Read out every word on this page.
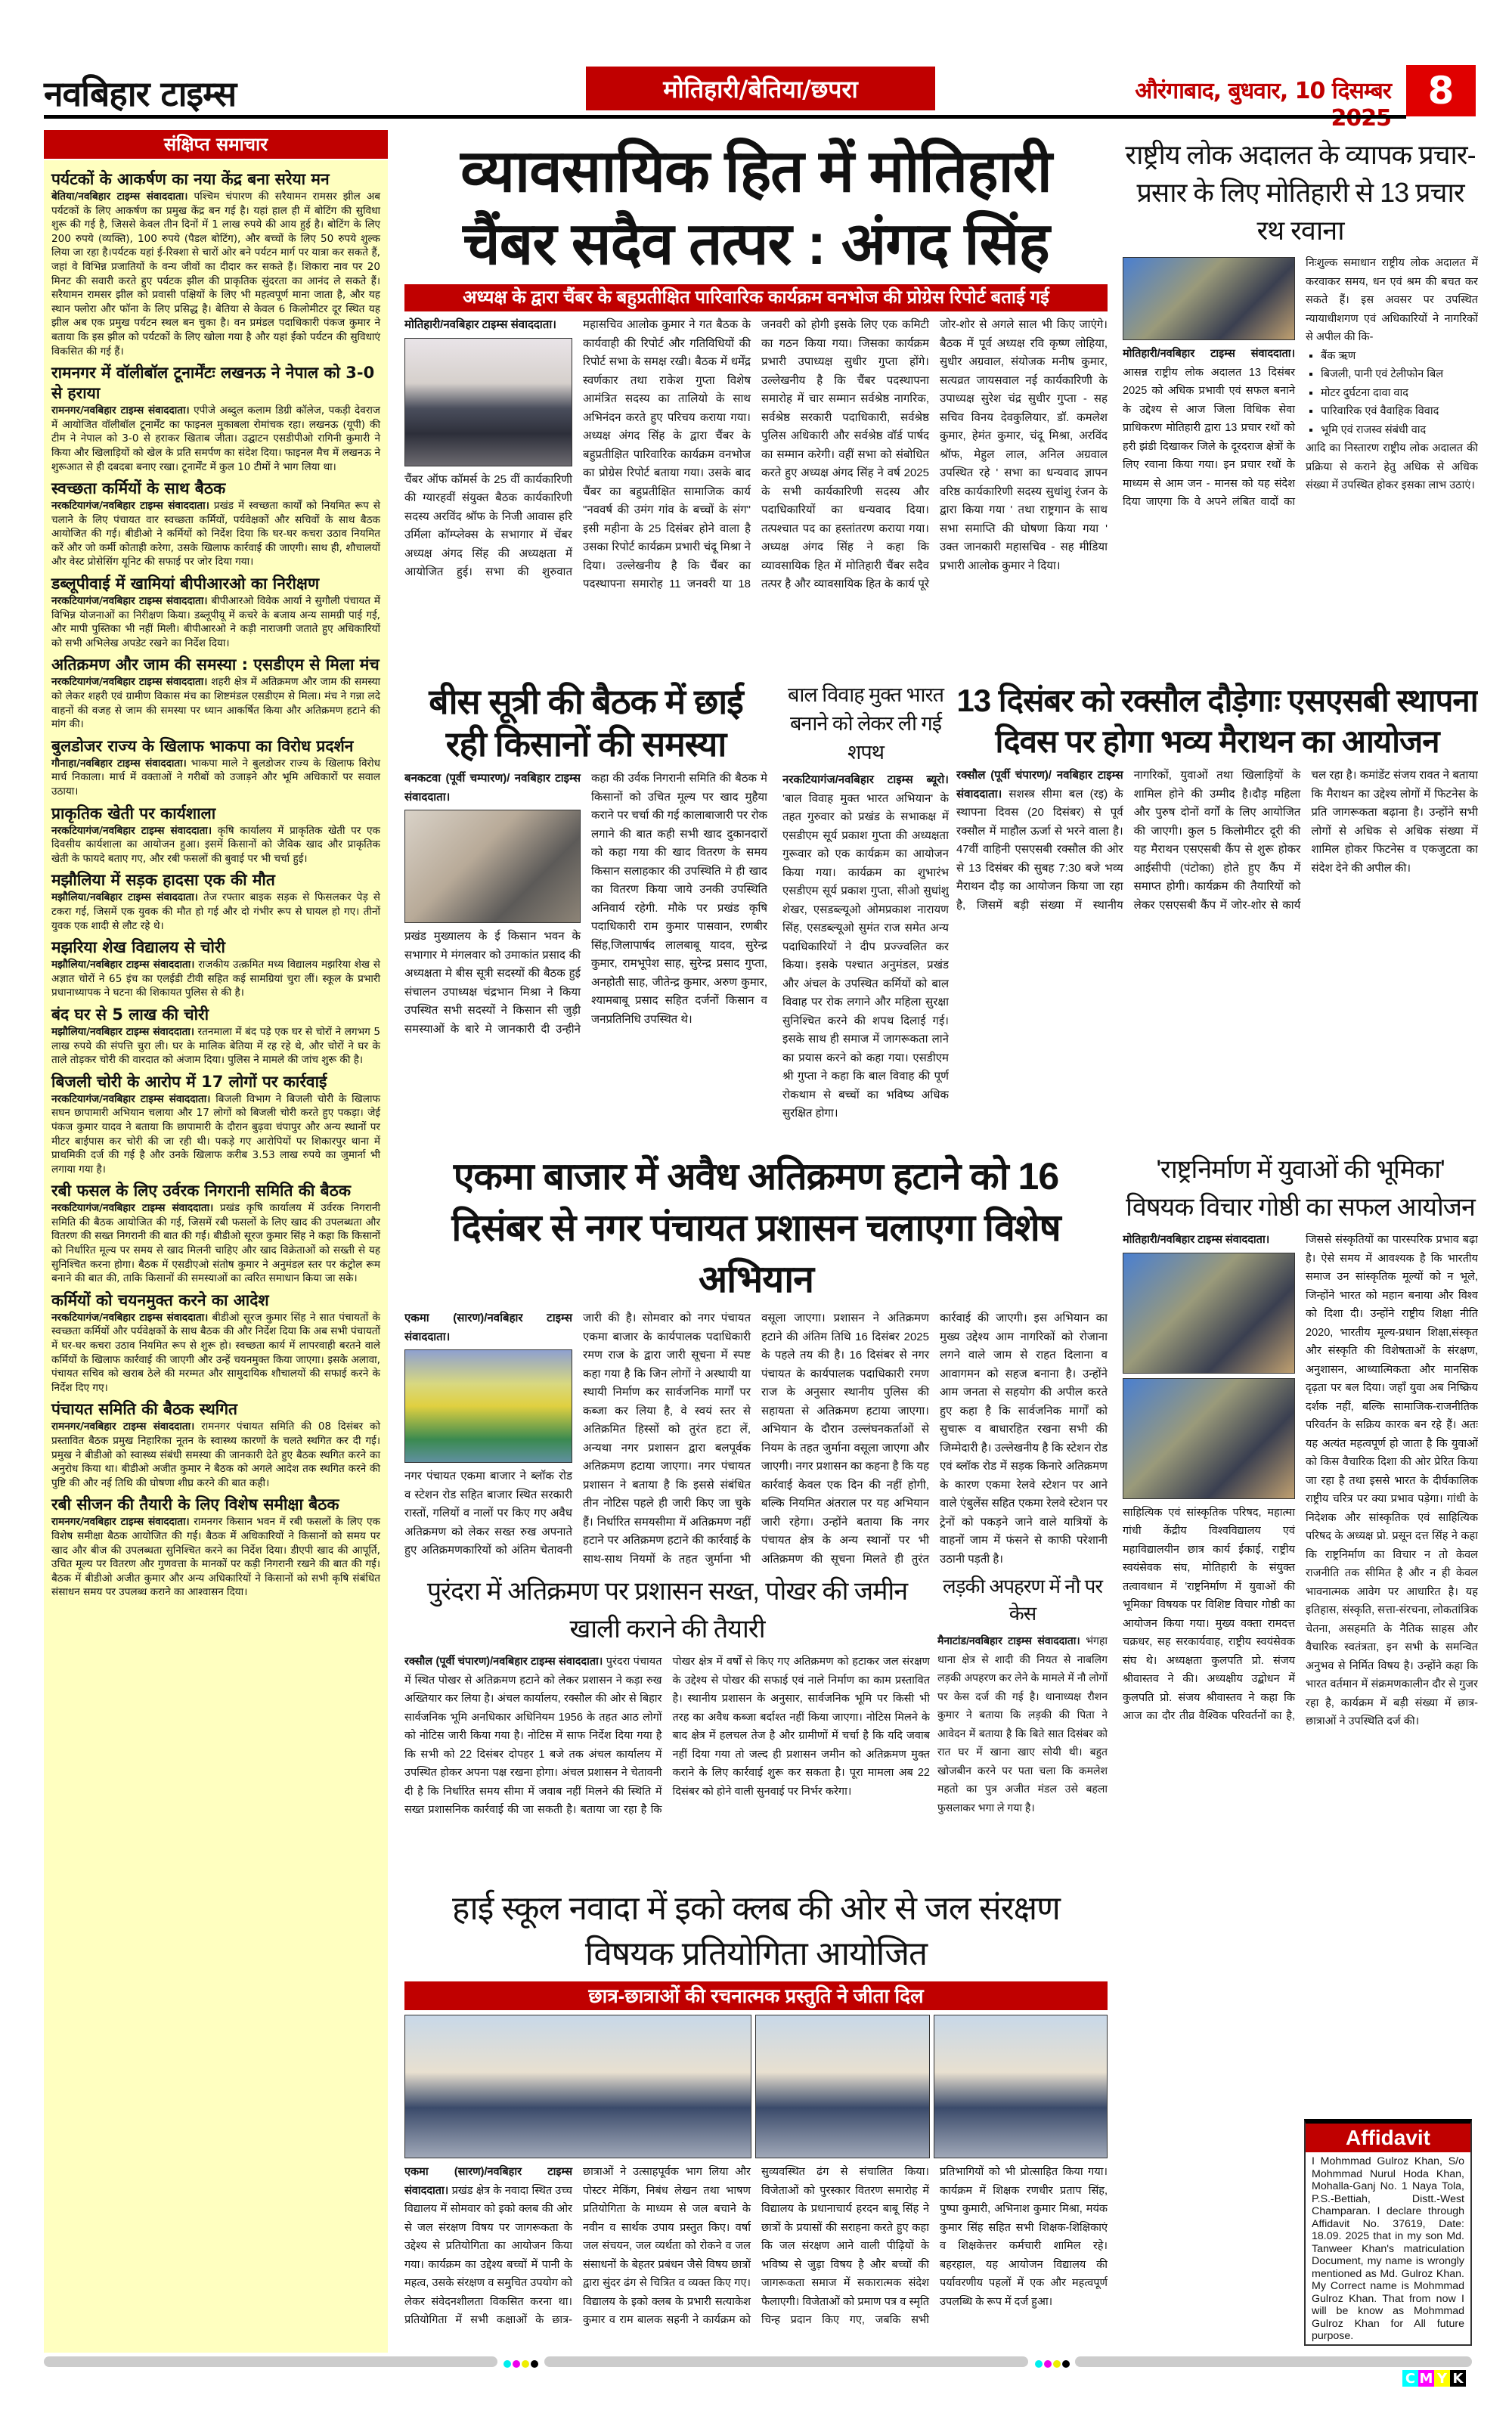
नवबिहार टाइम्स	मोतिहारी/बेतिया/छपरा	औरंगाबाद, बुधवार, 10 दिसम्बर 8
संक्षिप्त समाचार
पर्यटकों के आकर्षण का नया केंद्र बना सरेया मन

बेतिया/नवबिहार टाइम्स संवाददाता। पश्चिम चंपारण की सरैयामन रामसर झील अब पर्यटकों के लिए आकर्षण का प्रमुख केंद्र बन गई है। यहां हाल ही में बोटिंग की सुविधा शुरू की गई है, जिससे केवल तीन दिनों में 1 लाख रुपये की आय हुई है। बोटिंग के लिए 200 रुपये (व्यक्ति), 100 रुपये (पैडल बोटिंग), और बच्चों के लिए 50 रुपये शुल्क लिया जा रहा है।पर्यटक यहां ई-रिक्शा से चारों ओर बने पर्यटन मार्ग पर यात्रा कर सकते हैं, जहां वे विभिन्न प्रजातियों के वन्य जीवों का दीदार कर सकते हैं। शिकारा नाव पर 20 मिनट की सवारी करते हुए पर्यटक झील की प्राकृतिक सुंदरता का आनंद ले सकते हैं।सरैयामन रामसर झील को प्रवासी पक्षियों के लिए भी महत्वपूर्ण माना जाता है, और यह स्थान फ्लोरा और फॉना के लिए प्रसिद्ध है। बेतिया से केवल 6 किलोमीटर दूर स्थित यह झील अब एक प्रमुख पर्यटन स्थल बन चुका है। वन प्रमंडल पदाधिकारी पंकज कुमार ने बताया कि इस झील को पर्यटकों के लिए खोला गया है और यहां ईको पर्यटन की सुविधाएं विकसित की गई हैं।

रामनगर में वॉलीबॉल टूनार्मेंटः लखनऊ ने नेपाल को 3-0 से हराया

रामनगर/नवबिहार टाइम्स संवाददाता। एपीजे अब्दुल कलाम डिग्री कॉलेज, पकड़ी देवराज में आयोजित वॉलीबॉल टूनार्मेंट का फाइनल मुकाबला रोमांचक रहा। लखनऊ (यूपी) की टीम ने नेपाल को 3-0 से हराकर खिताब जीता। उद्घाटन एसडीपीओ रागिनी कुमारी ने किया और खिलाड़ियों को खेल के प्रति समर्पण का संदेश दिया। फाइनल मैच में लखनऊ ने शुरूआत से ही दबदबा बनाए रखा। टूनार्मेंट में कुल 10 टीमों ने भाग लिया था।

स्वच्छता कर्मियों के साथ बैठक

नरकटियागंज/नवबिहार टाइम्स संवाददाता। प्रखंड में स्वच्छता कार्यों को नियमित रूप से चलाने के लिए पंचायत वार स्वच्छता कर्मियों, पर्यवेक्षकों और सचिवों के साथ बैठक आयोजित की गई। बीडीओ ने कर्मियों को निर्देश दिया कि घर-घर कचरा उठाव नियमित करें और जो कर्मी कोताही करेगा, उसके खिलाफ कार्रवाई की जाएगी। साथ ही, शौचालयों और वेस्ट प्रोसेसिंग यूनिट की सफाई पर जोर दिया गया।

डब्लूपीवाई में खामियां बीपीआरओ का निरीक्षण

नरकटियागंज/नवबिहार टाइम्स संवाददाता। बीपीआरओ विवेक आर्या ने सुगौली पंचायत में विभिन्न योजनाओं का निरीक्षण किया। डब्लूपीयू में कचरे के बजाय अन्य सामग्री पाई गई, और मापी पुस्तिका भी नहीं मिली। बीपीआरओ ने कड़ी नाराजगी जताते हुए अधिकारियों को सभी अभिलेख अपडेट रखने का निर्देश दिया।

अतिक्रमण और जाम की समस्या : एसडीएम से मिला मंच

नरकटियागंज/नवबिहार टाइम्स संवाददाता। शहरी क्षेत्र में अतिक्रमण और जाम की समस्या को लेकर शहरी एवं ग्रामीण विकास मंच का शिष्टमंडल एसडीएम से मिला। मंच ने गन्ना लदे वाहनों की वजह से जाम की समस्या पर ध्यान आकर्षित किया और अतिक्रमण हटाने की मांग की।

बुलडोजर राज्य के खिलाफ भाकपा का विरोध प्रदर्शन

गौनाहा/नवबिहार टाइम्स संवाददाता। भाकपा माले ने बुलडोजर राज्य के खिलाफ विरोध मार्च निकाला। मार्च में वक्ताओं ने गरीबों को उजाड़ने और भूमि अधिकारों पर सवाल उठाया।

प्राकृतिक खेती पर कार्यशाला

नरकटियागंज/नवबिहार टाइम्स संवाददाता। कृषि कार्यालय में प्राकृतिक खेती पर एक दिवसीय कार्यशाला का आयोजन हुआ। इसमें किसानों को जैविक खाद और प्राकृतिक खेती के फायदे बताए गए, और रबी फसलों की बुवाई पर भी चर्चा हुई।

मझौलिया में सड़क हादसा एक की मौत

मझौलिया/नवबिहार टाइम्स संवाददाता। तेज रफ्तार बाइक सड़क से फिसलकर पेड़ से टकरा गई, जिसमें एक युवक की मौत हो गई और दो गंभीर रूप से घायल हो गए। तीनों युवक एक शादी से लौट रहे थे।

मझरिया शेख विद्यालय से चोरी

मझौलिया/नवबिहार टाइम्स संवाददाता। राजकीय उत्क्रमित मध्य विद्यालय मझरिया शेख से अज्ञात चोरों ने 65 इंच का एलईडी टीवी सहित कई सामग्रियां चुरा लीं। स्कूल के प्रभारी प्रधानाध्यापक ने घटना की शिकायत पुलिस से की है।

बंद घर से 5 लाख की चोरी

मझौलिया/नवबिहार टाइम्स संवाददाता। रतनमाला में बंद पड़े एक घर से चोरों ने लगभग 5 लाख रुपये की संपत्ति चुरा ली। घर के मालिक बेतिया में रह रहे थे, और चोरों ने घर के ताले तोड़कर चोरी की वारदात को अंजाम दिया। पुलिस ने मामले की जांच शुरू की है।

बिजली चोरी के आरोप में 17 लोगों पर कार्रवाई

नरकटियागंज/नवबिहार टाइम्स संवाददाता। बिजली विभाग ने बिजली चोरी के खिलाफ सघन छापामारी अभियान चलाया और 17 लोगों को बिजली चोरी करते हुए पकड़ा। जेई पंकज कुमार यादव ने बताया कि छापामारी के दौरान बुढ़वा चंपापुर और अन्य स्थानों पर मीटर बाईपास कर चोरी की जा रही थी। पकड़े गए आरोपियों पर शिकारपुर थाना में प्राथमिकी दर्ज की गई है और उनके खिलाफ करीब 3.53 लाख रुपये का जुमार्ना भी लगाया गया है।

रबी फसल के लिए उर्वरक निगरानी समिति की बैठक

नरकटियागंज/नवबिहार टाइम्स संवाददाता। प्रखंड कृषि कार्यालय में उर्वरक निगरानी समिति की बैठक आयोजित की गई, जिसमें रबी फसलों के लिए खाद की उपलब्धता और वितरण की सख्त निगरानी की बात की गई। बीडीओ सूरज कुमार सिंह ने कहा कि किसानों को निर्धारित मूल्य पर समय से खाद मिलनी चाहिए और खाद विक्रेताओं को सख्ती से यह सुनिश्चित करना होगा। बैठक में एसडीएओ संतोष कुमार ने अनुमंडल स्तर पर कंट्रोल रूम बनाने की बात की, ताकि किसानों की समस्याओं का त्वरित समाधान किया जा सके।

कर्मियों को चयनमुक्त करने का आदेश

नरकटियागंज/नवबिहार टाइम्स संवाददाता। बीडीओ सूरज कुमार सिंह ने सात पंचायतों के स्वच्छता कर्मियों और पर्यवेक्षकों के साथ बैठक की और निर्देश दिया कि अब सभी पंचायतों में घर-घर कचरा उठाव नियमित रूप से शुरू हो। स्वच्छता कार्य में लापरवाही बरतने वाले कर्मियों के खिलाफ कार्रवाई की जाएगी और उन्हें चयनमुक्त किया जाएगा। इसके अलावा, पंचायत सचिव को खराब ठेले की मरम्मत और सामुदायिक शौचालयों की सफाई करने के निर्देश दिए गए।

पंचायत समिति की बैठक स्थगित

रामनगर/नवबिहार टाइम्स संवाददाता। रामनगर पंचायत समिति की 08 दिसंबर को प्रस्तावित बैठक प्रमुख निहारिका नूतन के स्वास्थ्य कारणों के चलते स्थगित कर दी गई। प्रमुख ने बीडीओ को स्वास्थ्य संबंधी समस्या की जानकारी देते हुए बैठक स्थगित करने का अनुरोध किया था। बीडीओ अजीत कुमार ने बैठक को अगले आदेश तक स्थगित करने की पुष्टि की और नई तिथि की घोषणा शीघ्र करने की बात कही।

रबी सीजन की तैयारी के लिए विशेष समीक्षा बैठक

रामनगर/नवबिहार टाइम्स संवाददाता। रामनगर किसान भवन में रबी फसलों के लिए एक विशेष समीक्षा बैठक आयोजित की गई। बैठक में अधिकारियों ने किसानों को समय पर खाद और बीज की उपलब्धता सुनिश्चित करने का निर्देश दिया। डीएपी खाद की आपूर्ति, उचित मूल्य पर वितरण और गुणवत्ता के मानकों पर कड़ी निगरानी रखने की बात की गई। बैठक में बीडीओ अजीत कुमार और अन्य अधिकारियों ने किसानों को सभी कृषि संबंधित संसाधन समय पर उपलब्ध कराने का आश्वासन दिया।

व्यावसायिक हित में मोतिहारी
चैंबर सदैव तत्पर : अंगद सिंह
अध्यक्ष के द्वारा चैंबर के बहुप्रतीक्षित पारिवारिक कार्यक्रम वनभोज की प्रोग्रेस रिपोर्ट बताई गई
मोतिहारी/नवबिहार टाइम्स संवाददाता।
चैंबर ऑफ कॉमर्स के 25 वीं कार्यकारिणी की ग्यारहवीं संयुक्त बैठक कार्यकारिणी सदस्य अरविंद श्रॉफ के निजी आवास हरि उर्मिला कॉम्प्लेक्स के सभागार में चेंबर अध्यक्ष अंगद सिंह की अध्यक्षता में आयोजित हुई। सभा की शुरुवात महासचिव आलोक कुमार ने गत बैठक के कार्यवाही की रिपोर्ट और गतिविधियों की रिपोर्ट सभा के समक्ष रखी। बैठक में धर्मेंद्र स्वर्णकार तथा राकेश गुप्ता विशेष आमंत्रित सदस्य का तालियो के साथ अभिनंदन करते हुए परिचय कराया गया। अध्यक्ष अंगद सिंह के द्वारा चैंबर के बहुप्रतीक्षित पारिवारिक कार्यक्रम वनभोज का प्रोग्रेस रिपोर्ट बताया गया। उसके बाद चैंबर का बहुप्रतीक्षित सामाजिक कार्य "नववर्ष की उमंग गांव के बच्चों के संग" इसी महीना के 25 दिसंबर होने वाला है उसका रिपोर्ट कार्यक्रम प्रभारी चंदू मिश्रा ने दिया। उल्लेखनीय है कि चैंबर का पदस्थापना समारोह 11 जनवरी या 18 जनवरी को होगी इसके लिए एक कमिटी का गठन किया गया। जिसका कार्यक्रम प्रभारी उपाध्यक्ष सुधीर गुप्ता होंगे। उल्लेखनीय है कि चैंबर पदस्थापना समारोह में चार सम्मान सर्वश्रेष्ठ नागरिक, सर्वश्रेष्ठ सरकारी पदाधिकारी, सर्वश्रेष्ठ पुलिस अधिकारी और सर्वश्रेष्ठ वॉर्ड पार्षद का सम्मान करेगी। वहीं सभा को संबोधित करते हुए अध्यक्ष अंगद सिंह ने वर्ष 2025 के सभी कार्यकारिणी सदस्य और पदाधिकारियों का धन्यवाद दिया। तत्पश्चात पद का हस्तांतरण कराया गया। अध्यक्ष अंगद सिंह ने कहा कि व्यावसायिक हित में मोतिहारी चैंबर सदैव तत्पर है और व्यावसायिक हित के कार्य पूरे जोर-शोर से अगले साल भी किए जाएंगे। बैठक में पूर्व अध्यक्ष रवि कृष्ण लोहिया, सुधीर अग्रवाल, संयोजक मनीष कुमार, सत्यव्रत जायसवाल नई कार्यकारिणी के उपाध्यक्ष सुरेश चंद्र सुधीर गुप्ता - सह सचिव विनय देवकुलियार, डॉ. कमलेश कुमार, हेमंत कुमार, चंदू मिश्रा, अरविंद श्रॉफ, मेहुल लाल, अनिल अग्रवाल उपस्थित रहे ' सभा का धन्यवाद ज्ञापन वरिष्ठ कार्यकारिणी सदस्य सुधांशु रंजन के द्वारा किया गया ' तथा राष्ट्रगान के साथ सभा समाप्ति की घोषणा किया गया ' उक्त जानकारी महासचिव - सह मीडिया प्रभारी आलोक कुमार ने दिया।
राष्ट्रीय लोक अदालत के व्यापक प्रचार-प्रसार के लिए मोतिहारी से 13 प्रचार रथ रवाना
मोतिहारी/नवबिहार टाइम्स संवाददाता। आसन्न राष्ट्रीय लोक अदालत 13 दिसंबर 2025 को अधिक प्रभावी एवं सफल बनाने के उद्देश्य से आज जिला विधिक सेवा प्राधिकरण मोतिहारी द्वारा 13 प्रचार रथों को हरी झंडी दिखाकर जिले के दूरदराज क्षेत्रों के लिए रवाना किया गया। इन प्रचार रथों के माध्यम से आम जन - मानस को यह संदेश दिया जाएगा कि वे अपने लंबित वादों का निःशुल्क समाधान राष्ट्रीय लोक अदालत में करवाकर समय, धन एवं श्रम की बचत कर सकते हैं। इस अवसर पर उपस्थित न्यायाधीशगण एवं अधिकारियों ने नागरिकों से अपील की कि-
▪ बैंक ऋण
▪ बिजली, पानी एवं टेलीफोन बिल
▪ मोटर दुर्घटना दावा वाद
▪ पारिवारिक एवं वैवाहिक विवाद
▪ भूमि एवं राजस्व संबंधी वाद
आदि का निस्तारण राष्ट्रीय लोक अदालत की प्रक्रिया से कराने हेतु अधिक से अधिक संख्या में उपस्थित होकर इसका लाभ उठाएं।
बीस सूत्री की बैठक में छाई रही किसानों की समस्या
बनकटवा (पूर्वी चम्पारण)/ नवबिहार टाइम्स संवाददाता।
प्रखंड मुख्यालय के ई किसान भवन के सभागार मे मंगलवार को उमाकांत प्रसाद की अध्यक्षता मे बीस सूत्री सदस्यों की बैठक हुई संचालन उपाध्यक्ष चंद्रभान मिश्रा ने किया उपस्थित सभी सदस्यों ने किसान सी जुड़ी समस्याओं के बारे मे जानकारी दी उन्हीने कहा की उर्वक निगरानी समिति की बैठक मे किसानों को उचित मूल्य पर खाद मुहैया कराने पर चर्चा की गई कालाबाजारी पर रोक लगाने की बात कही सभी खाद दुकानदारों को कहा गया की खाद वितरण के समय किसान सलाहकार की उपस्थिति मे ही खाद का वितरण किया जाये उनकी उपस्थिति अनिवार्य रहेगी. मौके पर प्रखंड कृषि पदाधिकारी राम कुमार पासवान, रणबीर सिंह,जिलापार्षद लालबाबू यादव, सुरेन्द्र कुमार, रामभूपेश साह, सुरेन्द्र प्रसाद गुप्ता, अनहोती साह, जीतेन्द्र कुमार, अरुण कुमार, श्यामबाबू प्रसाद सहित दर्जनों किसान व जनप्रतिनिधि उपस्थित थे।
बाल विवाह मुक्त भारत बनाने को लेकर ली गई शपथ
नरकटियागंज/नवबिहार टाइम्स ब्यूरो। 'बाल विवाह मुक्त भारत अभियान' के तहत गुरुवार को प्रखंड के सभाकक्ष में एसडीएम सूर्य प्रकाश गुप्ता की अध्यक्षता गुरूवार को एक कार्यक्रम का आयोजन किया गया। कार्यक्रम का शुभारंभ एसडीएम सूर्य प्रकाश गुप्ता, सीओ सुधांशु शेखर, एसडब्ल्यूओ ओमप्रकाश नारायण सिंह, एसडब्ल्यूओ सुमंत राज समेत अन्य पदाधिकारियों ने दीप प्रज्ज्वलित कर किया। इसके पश्चात अनुमंडल, प्रखंड और अंचल के उपस्थित कर्मियों को बाल विवाह पर रोक लगाने और महिला सुरक्षा सुनिश्चित करने की शपथ दिलाई गई। इसके साथ ही समाज में जागरूकता लाने का प्रयास करने को कहा गया। एसडीएम श्री गुप्ता ने कहा कि बाल विवाह की पूर्ण रोकथाम से बच्चों का भविष्य अधिक सुरक्षित होगा।
13 दिसंबर को रक्सौल दौड़ेगाः एसएसबी स्थापना दिवस पर होगा भव्य मैराथन का आयोजन
रक्सौल (पूर्वी चंपारण)/ नवबिहार टाइम्स संवाददाता। सशस्त्र सीमा बल (रइ) के स्थापना दिवस (20 दिसंबर) से पूर्व रक्सौल में माहौल ऊर्जा से भरने वाला है। 47वीं वाहिनी एसएसबी रक्सौल की ओर से 13 दिसंबर की सुबह 7:30 बजे भव्य मैराथन दौड़ का आयोजन किया जा रहा है, जिसमें बड़ी संख्या में स्थानीय नागरिकों, युवाओं तथा खिलाड़ियों के शामिल होने की उम्मीद है।दौड़ महिला और पुरुष दोनों वर्गों के लिए आयोजित की जाएगी। कुल 5 किलोमीटर दूरी की यह मैराथन एसएसबी कैंप से शुरू होकर आईसीपी (पंटोका) होते हुए कैंप में समाप्त होगी। कार्यक्रम की तैयारियों को लेकर एसएसबी कैंप में जोर-शोर से कार्य चल रहा है। कमांडेंट संजय रावत ने बताया कि मैराथन का उद्देश्य लोगों में फिटनेस के प्रति जागरूकता बढ़ाना है। उन्होंने सभी लोगों से अधिक से अधिक संख्या में शामिल होकर फिटनेस व एकजुटता का संदेश देने की अपील की।
एकमा बाजार में अवैध अतिक्रमण हटाने को 16 दिसंबर से नगर पंचायत प्रशासन चलाएगा विशेष अभियान
एकमा (सारण)/नवबिहार टाइम्स संवाददाता।
नगर पंचायत एकमा बाजार ने ब्लॉक रोड व स्टेशन रोड सहित बाजार स्थित सरकारी रास्तों, गलियों व नालों पर किए गए अवैध अतिक्रमण को लेकर सख्त रुख अपनाते हुए अतिक्रमणकारियों को अंतिम चेतावनी जारी की है। सोमवार को नगर पंचायत एकमा बाजार के कार्यपालक पदाधिकारी रमण राज के द्वारा जारी सूचना में स्पष्ट कहा गया है कि जिन लोगों ने अस्थायी या स्थायी निर्माण कर सार्वजनिक मार्गों पर कब्जा कर लिया है, वे स्वयं स्तर से अतिक्रमित हिस्सों को तुरंत हटा लें, अन्यथा नगर प्रशासन द्वारा बलपूर्वक अतिक्रमण हटाया जाएगा। नगर पंचायत प्रशासन ने बताया है कि इससे संबंधित तीन नोटिस पहले ही जारी किए जा चुके हैं। निर्धारित समयसीमा में अतिक्रमण नहीं हटाने पर अतिक्रमण हटाने की कार्रवाई के साथ-साथ नियमों के तहत जुर्माना भी वसूला जाएगा। प्रशासन ने अतिक्रमण हटाने की अंतिम तिथि 16 दिसंबर 2025 के पहले तय की है। 16 दिसंबर से नगर पंचायत के कार्यपालक पदाधिकारी रमण राज के अनुसार स्थानीय पुलिस की सहायता से अतिक्रमण हटाया जाएगा। अभियान के दौरान उल्लंघनकर्ताओं से नियम के तहत जुर्माना वसूला जाएगा और जाएगी। नगर प्रशासन का कहना है कि यह कार्रवाई केवल एक दिन की नहीं होगी, बल्कि नियमित अंतराल पर यह अभियान जारी रहेगा। उन्होंने बताया कि नगर पंचायत क्षेत्र के अन्य स्थानों पर भी अतिक्रमण की सूचना मिलते ही तुरंत कार्रवाई की जाएगी। इस अभियान का मुख्य उद्देश्य आम नागरिकों को रोजाना लगने वाले जाम से राहत दिलाना व आवागमन को सहज बनाना है। उन्होंने आम जनता से सहयोग की अपील करते हुए कहा है कि सार्वजनिक मार्गों को सुचारू व बाधारहित रखना सभी की जिम्मेदारी है। उल्लेखनीय है कि स्टेशन रोड एवं ब्लॉक रोड में सड़क किनारे अतिक्रमण के कारण एकमा रेलवे स्टेशन पर आने वाले एंबुलेंस सहित एकमा रेलवे स्टेशन पर ट्रेनों को पकड़ने जाने वाले यात्रियों के वाहनों जाम में फंसने से काफी परेशानी उठानी पड़ती है।
'राष्ट्रनिर्माण में युवाओं की भूमिका' विषयक विचार गोष्ठी का सफल आयोजन
मोतिहारी/नवबिहार टाइम्स संवाददाता।
साहित्यिक एवं सांस्कृतिक परिषद, महात्मा गांधी केंद्रीय विश्वविद्यालय एवं महाविद्यालयीन छात्र कार्य ईकाई, राष्ट्रीय स्वयंसेवक संघ, मोतिहारी के संयुक्त तत्वावधान में 'राष्ट्रनिर्माण में युवाओं की भूमिका' विषयक पर विशिष्ट विचार गोष्ठी का आयोजन किया गया। मुख्य वक्ता रामदत्त चक्रधर, सह सरकार्यवाह, राष्ट्रीय स्वयंसेवक संघ थे। अध्यक्षता कुलपति प्रो. संजय श्रीवास्तव ने की। अध्यक्षीय उद्बोधन में कुलपति प्रो. संजय श्रीवास्तव ने कहा कि आज का दौर तीव्र वैश्विक परिवर्तनों का है, जिससे संस्कृतियों का पारस्परिक प्रभाव बढ़ा है। ऐसे समय में आवश्यक है कि भारतीय समाज उन सांस्कृतिक मूल्यों को न भूले, जिन्होंने भारत को महान बनाया और विश्व को दिशा दी। उन्होंने राष्ट्रीय शिक्षा नीति 2020, भारतीय मूल्य-प्रधान शिक्षा,संस्कृत और संस्कृति की विशेषताओं के संरक्षण, अनुशासन, आध्यात्मिकता और मानसिक दृढ़ता पर बल दिया। जहाँ युवा अब निष्क्रिय दर्शक नहीं, बल्कि सामाजिक-राजनीतिक परिवर्तन के सक्रिय कारक बन रहे हैं। अतः यह अत्यंत महत्वपूर्ण हो जाता है कि युवाओं को किस वैचारिक दिशा की ओर प्रेरित किया जा रहा है तथा इससे भारत के दीर्घकालिक राष्ट्रीय चरित्र पर क्या प्रभाव पड़ेगा। गांधी के निदेशक और सांस्कृतिक एवं साहित्यिक परिषद के अध्यक्ष प्रो. प्रसून दत्त सिंह ने कहा कि राष्ट्रनिर्माण का विचार न तो केवल राजनीति तक सीमित है और न ही केवल भावनात्मक आवेग पर आधारित है। यह इतिहास, संस्कृति, सत्ता-संरचना, लोकतांत्रिक चेतना, असहमति के नैतिक साहस और वैचारिक स्वतंत्रता, इन सभी के समन्वित अनुभव से निर्मित विषय है। उन्होंने कहा कि भारत वर्तमान में संक्रमणकालीन दौर से गुजर रहा है, कार्यक्रम में बड़ी संख्या में छात्र-छात्राओं ने उपस्थिति दर्ज की।
पुरंदरा में अतिक्रमण पर प्रशासन सख्त, पोखर की जमीन खाली कराने की तैयारी
रक्सौल (पूर्वी चंपारण)/नवबिहार टाइम्स संवाददाता। पुरंदरा पंचायत में स्थित पोखर से अतिक्रमण हटाने को लेकर प्रशासन ने कड़ा रुख अख्तियार कर लिया है। अंचल कार्यालय, रक्सौल की ओर से बिहार सार्वजनिक भूमि अनधिकार अधिनियम 1956 के तहत आठ लोगों को नोटिस जारी किया गया है। नोटिस में साफ निर्देश दिया गया है कि सभी को 22 दिसंबर दोपहर 1 बजे तक अंचल कार्यालय में उपस्थित होकर अपना पक्ष रखना होगा। अंचल प्रशासन ने चेतावनी दी है कि निर्धारित समय सीमा में जवाब नहीं मिलने की स्थिति में सख्त प्रशासनिक कार्रवाई की जा सकती है। बताया जा रहा है कि पोखर क्षेत्र में वर्षों से किए गए अतिक्रमण को हटाकर जल संरक्षण के उद्देश्य से पोखर की सफाई एवं नाले निर्माण का काम प्रस्तावित है। स्थानीय प्रशासन के अनुसार, सार्वजनिक भूमि पर किसी भी तरह का अवैध कब्जा बर्दाश्त नहीं किया जाएगा। नोटिस मिलने के बाद क्षेत्र में हलचल तेज है और ग्रामीणों में चर्चा है कि यदि जवाब नहीं दिया गया तो जल्द ही प्रशासन जमीन को अतिक्रमण मुक्त कराने के लिए कार्रवाई शुरू कर सकता है। पूरा मामला अब 22 दिसंबर को होने वाली सुनवाई पर निर्भर करेगा।
लड़की अपहरण में नौ पर केस
मैनाटांड/नवबिहार टाइम्स संवाददाता। भंगहा थाना क्षेत्र से शादी की नियत से नाबलिग लड़की अपहरण कर लेने के मामले में नौ लोगों पर केस दर्ज की गई है। थानाध्यक्ष रौशन कुमार ने बताया कि लड़की की पिता ने आवेदन में बताया है कि बिते सात दिसंबर को रात घर में खाना खाए सोयी थी। बहुत खोजबीन करने पर पता चला कि कमलेश महतो का पुत्र अजीत मंडल उसे बहला फुसलाकर भगा ले गया है।
हाई स्कूल नवादा में इको क्लब की ओर से जल संरक्षण विषयक प्रतियोगिता आयोजित
छात्र-छात्राओं की रचनात्मक प्रस्तुति ने जीता दिल
एकमा (सारण)/नवबिहार टाइम्स संवाददाता। प्रखंड क्षेत्र के नवादा स्थित उच्च विद्यालय में सोमवार को इको क्लब की ओर से जल संरक्षण विषय पर जागरूकता के उद्देश्य से प्रतियोगिता का आयोजन किया गया। कार्यक्रम का उद्देश्य बच्चों में पानी के महत्व, उसके संरक्षण व समुचित उपयोग को लेकर संवेदनशीलता विकसित करना था। प्रतियोगिता में सभी कक्षाओं के छात्र-छात्राओं ने उत्साहपूर्वक भाग लिया और पोस्टर मेकिंग, निबंध लेखन तथा भाषण प्रतियोगिता के माध्यम से जल बचाने के नवीन व सार्थक उपाय प्रस्तुत किए। वर्षा जल संचयन, जल व्यर्थता को रोकने व जल संसाधनों के बेहतर प्रबंधन जैसे विषय छात्रों द्वारा सुंदर ढंग से चित्रित व व्यक्त किए गए। विद्यालय के इको क्लब के प्रभारी सत्याकेश कुमार व राम बालक सहनी ने कार्यक्रम को सुव्यवस्थित ढंग से संचालित किया। विजेताओं को पुरस्कार वितरण समारोह में विद्यालय के प्रधानाचार्य हरदन बाबू सिंह ने छात्रों के प्रयासों की सराहना करते हुए कहा कि जल संरक्षण आने वाली पीढ़ियों के भविष्य से जुड़ा विषय है और बच्चों की जागरूकता समाज में सकारात्मक संदेश फैलाएगी। विजेताओं को प्रमाण पत्र व स्मृति चिन्ह प्रदान किए गए, जबकि सभी प्रतिभागियों को भी प्रोत्साहित किया गया। कार्यक्रम में शिक्षक रणधीर प्रताप सिंह, पुष्पा कुमारी, अभिनाश कुमार मिश्रा, मयंक कुमार सिंह सहित सभी शिक्षक-शिक्षिकाएं व शिक्षकेत्तर कर्मचारी शामिल रहे। बहरहाल, यह आयोजन विद्यालय की पर्यावरणीय पहलों में एक और महत्वपूर्ण उपलब्धि के रूप में दर्ज हुआ।
Affidavit

I Mohmmad Gulroz Khan, S/o Mohmmad Nurul Hoda Khan, Mohalla-Ganj No. 1 Naya Tola, P.S.-Bettiah, Distt.-West Champaran. I declare through Affidavit No. 37619, Date: 18.09. 2025 that in my son Md. Tanweer Khan's matriculation Document, my name is wrongly mentioned as Md. Gulroz Khan. My Correct name is Mohmmad Gulroz Khan. That from now I will be know as Mohmmad Gulroz Khan for All future purpose.

C M Y K
